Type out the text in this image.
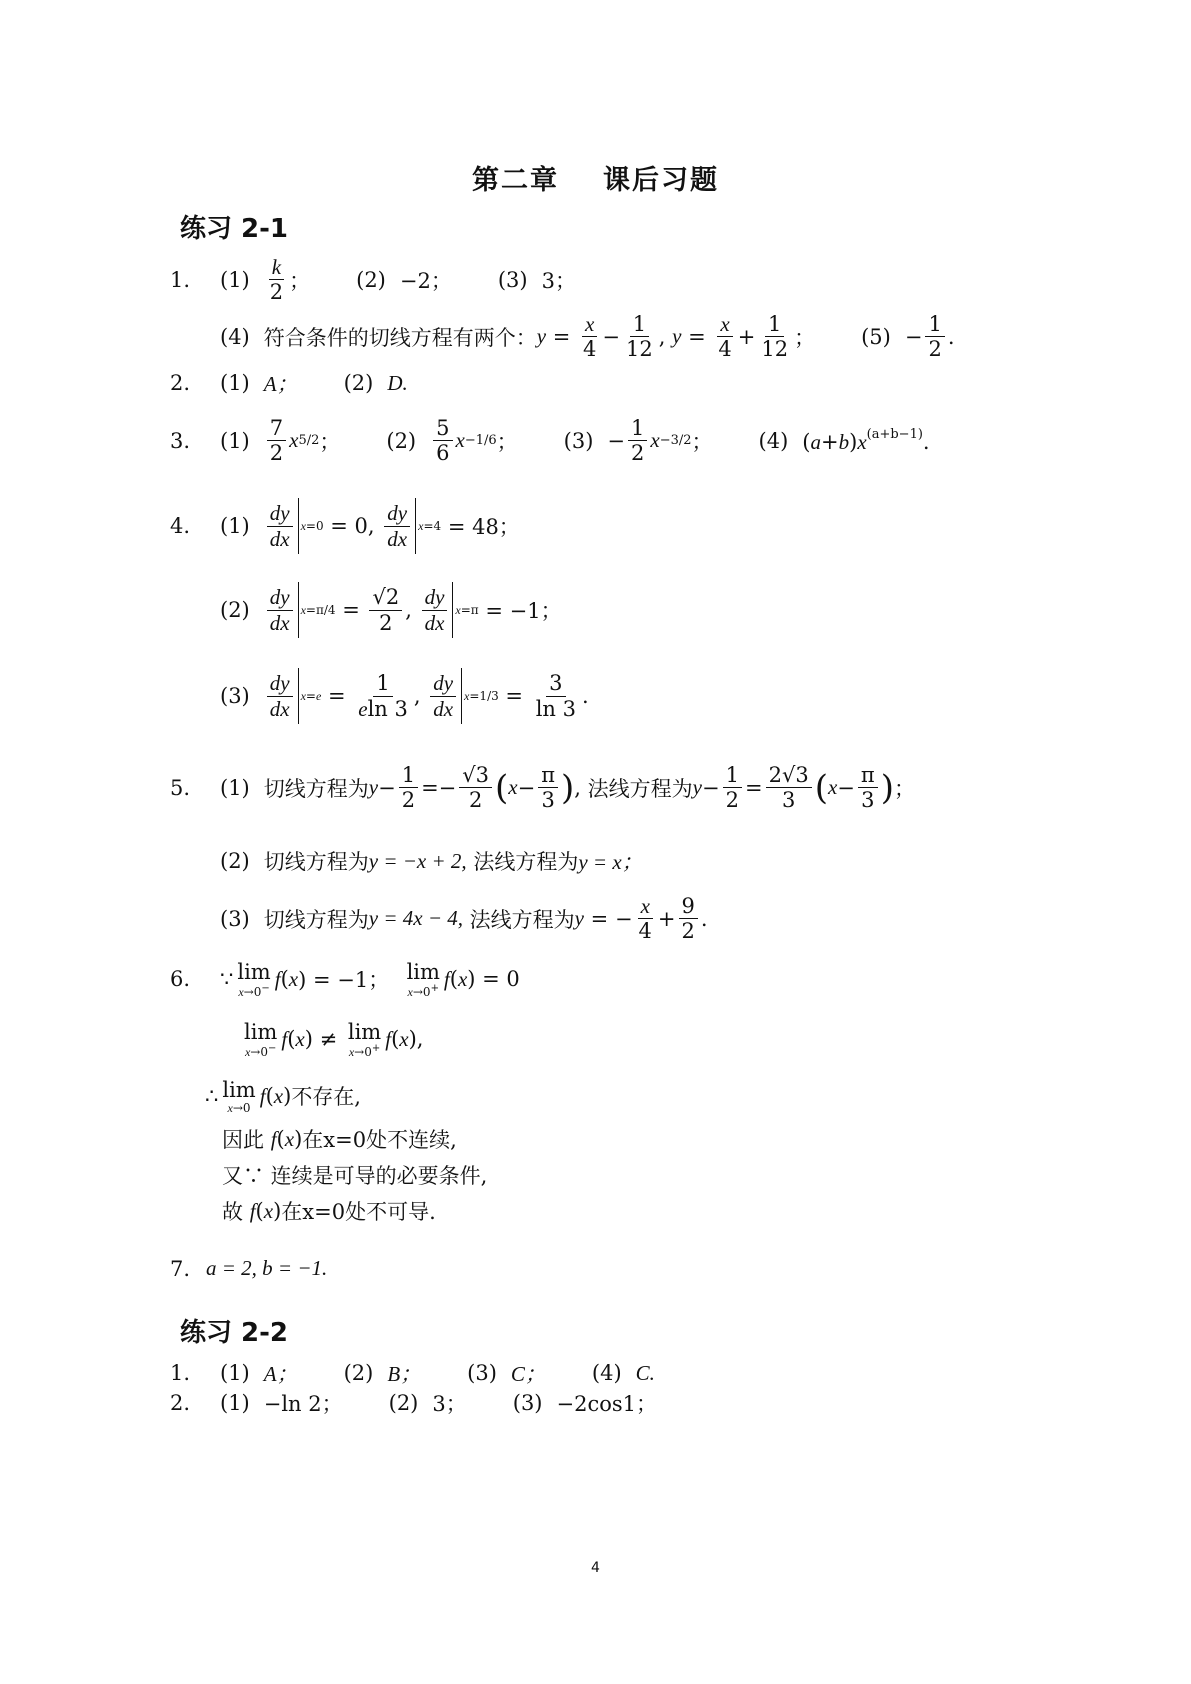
第二章 课后习题
练习 2-1
1.	(1)
k
2 ； (2) −2； (3) 3；
(4) 符合条件的切线方程有两个： y =
x
4
−
1
12
, y =
x
4
+
1
12 ； (5) −
1
2
.
2.	(1) A； (2) D.
3.	(1)
7
2
x 5/2 ； (2)
5
6
x −1/6 ； (3) −
1
2
x −3/2 ； (4) $(a+b)x^{(a+b-1)}$.
4.	(1)
dy
dx
x=0 = 0,
dy
dx
x=4 = 48；
(2)
dy
dx
x=π/4 =
√2
2
,
dy
dx
x=π = −1；
(3)
dy
dx
x=e =
1
eln 3
,
dy
dx
x=1/3 =
3
ln 3
.
5.	(1) 切线方程为 y −
1
2
=−
√3
2 ( x −
π
3 ) , 法线方程为 y −
1
2
=
2√3
3 ( x −
π
3 ) ；
(2) 切线方程为 y = −x + 2,
法线方程为 y = x；
(3) 切线方程为 y = 4x − 4,
法线方程为 y = −
x
4
+
9
2
.
6.	∵ lim
x→0− f ( x ) = −1； lim
x→0+ f ( x ) = 0
lim
x→0− f ( x ) ≠ lim
x→0+ f ( x ),
∴ lim
x→0
f ( x ) 不存在,
因此
f ( x ) 在x=0处不连续,
又∵ 连续是可导的必要条件,
故
f ( x ) 在x=0处不可导.
7. a = 2, b = −1.
练习 2-2
1.	(1) A； (2) B； (3) C； (4) C.
2.	(1) −ln 2； (2) 3； (3) −2cos1；
4
